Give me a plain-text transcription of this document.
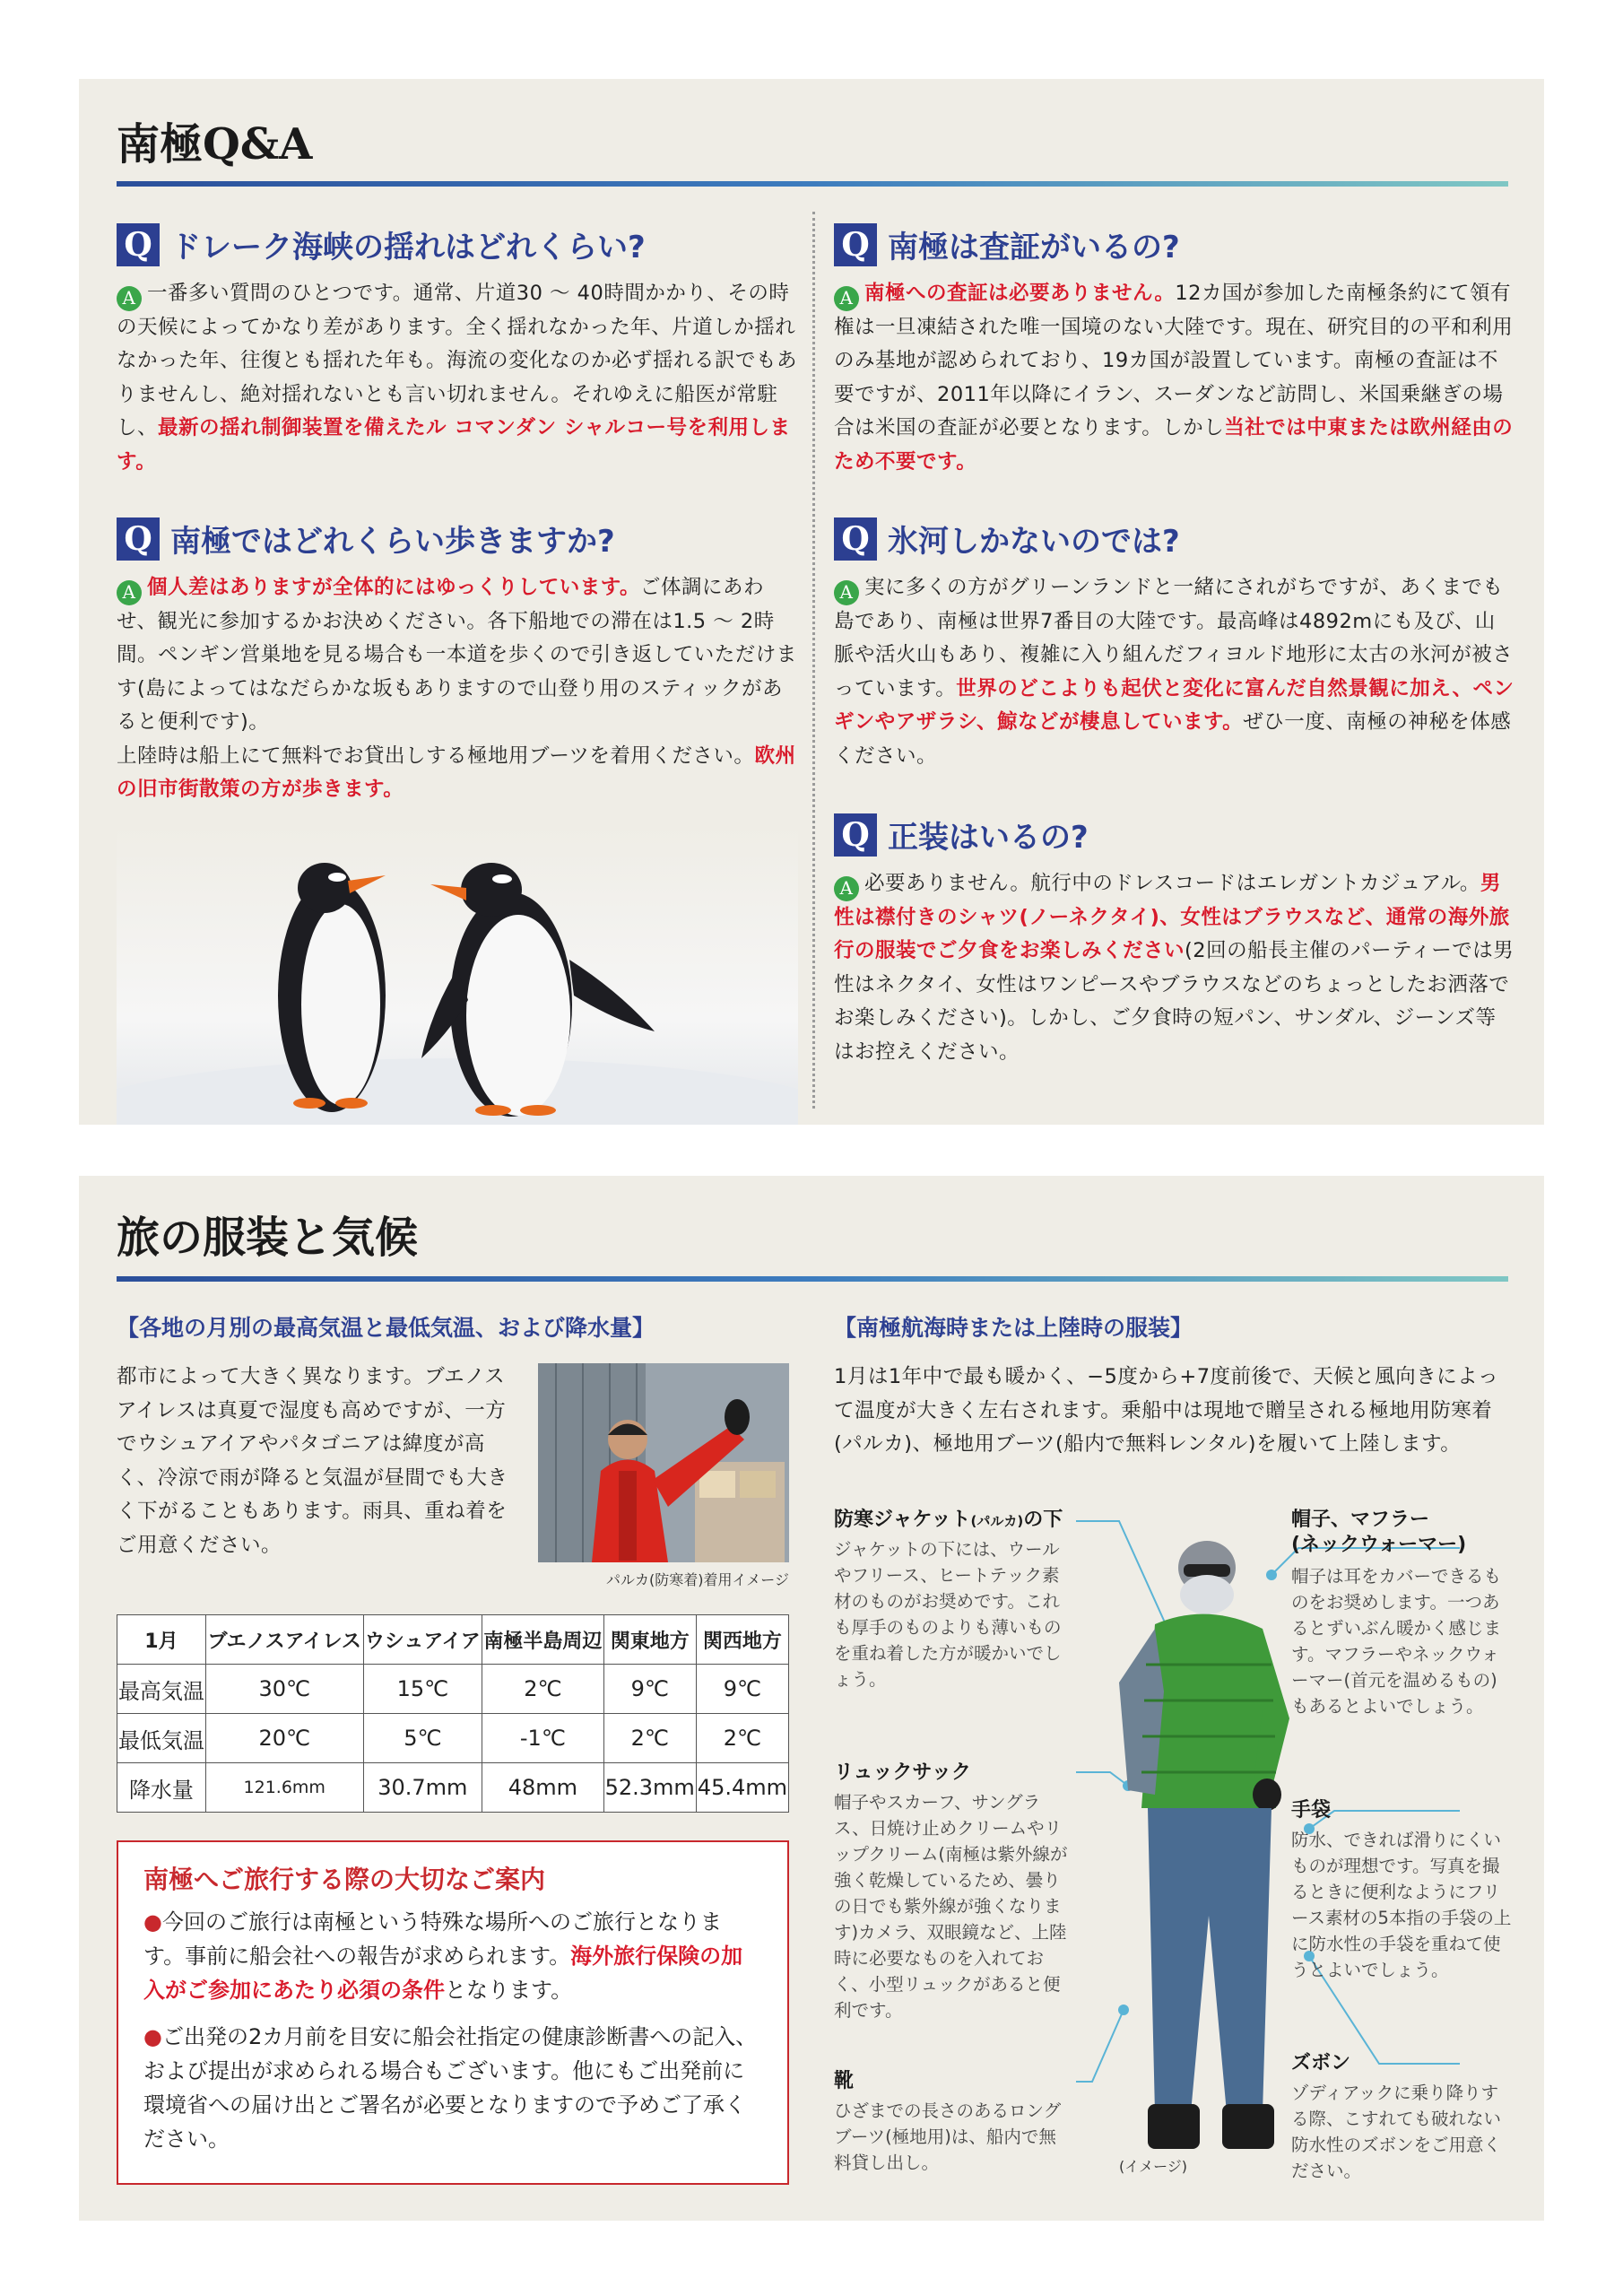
南極Q&A
Q ドレーク海峡の揺れはどれくらい?

A 一番多い質問のひとつです。通常、片道30 ～ 40時間かかり、その時の天候によってかなり差があります。全く揺れなかった年、片道しか揺れなかった年、往復とも揺れた年も。海流の変化なのか必ず揺れる訳でもありませんし、絶対揺れないとも言い切れません。それゆえに船医が常駐し、最新の揺れ制御装置を備えたル コマンダン シャルコー号を利用します。

Q 南極ではどれくらい歩きますか?

A 個人差はありますが全体的にはゆっくりしています。ご体調にあわせ、観光に参加するかお決めください。各下船地での滞在は1.5 ～ 2時間。ペンギン営巣地を見る場合も一本道を歩くので引き返していただけます(島によってはなだらかな坂もありますので山登り用のスティックがあると便利です)。

上陸時は船上にて無料でお貸出しする極地用ブーツを着用ください。欧州の旧市街散策の方が歩きます。

Q 南極は査証がいるの?

A 南極への査証は必要ありません。12カ国が参加した南極条約にて領有権は一旦凍結された唯一国境のない大陸です。現在、研究目的の平和利用のみ基地が認められており、19カ国が設置しています。南極の査証は不要ですが、2011年以降にイラン、スーダンなど訪問し、米国乗継ぎの場合は米国の査証が必要となります。しかし当社では中東または欧州経由のため不要です。

Q 氷河しかないのでは?

A 実に多くの方がグリーンランドと一緒にされがちですが、あくまでも島であり、南極は世界7番目の大陸です。最高峰は4892mにも及び、山脈や活火山もあり、複雑に入り組んだフィヨルド地形に太古の氷河が被さっています。世界のどこよりも起伏と変化に富んだ自然景観に加え、ペンギンやアザラシ、鯨などが棲息しています。ぜひ一度、南極の神秘を体感ください。

Q 正装はいるの?

A 必要ありません。航行中のドレスコードはエレガントカジュアル。男性は襟付きのシャツ(ノーネクタイ)、女性はブラウスなど、通常の海外旅行の服装でご夕食をお楽しみください(2回の船長主催のパーティーでは男性はネクタイ、女性はワンピースやブラウスなどのちょっとしたお洒落でお楽しみください)。しかし、ご夕食時の短パン、サンダル、ジーンズ等はお控えください。

旅の服装と気候
【各地の月別の最高気温と最低気温、および降水量】
都市によって大きく異なります。ブエノスアイレスは真夏で湿度も高めですが、一方でウシュアイアやパタゴニアは緯度が高く、冷涼で雨が降ると気温が昼間でも大きく下がることもあります。雨具、重ね着をご用意ください。
パルカ(防寒着)着用イメージ
1月	ブエノスアイレス	ウシュアイア	南極半島周辺	関東地方	関西地方
最高気温	30℃	15℃	2℃	9℃	9℃
最低気温	20℃	5℃	-1℃	2℃	2℃
降水量	121.6mm	30.7mm	48mm	52.3mm	45.4mm
南極へご旅行する際の大切なご案内

●今回のご旅行は南極という特殊な場所へのご旅行となります。事前に船会社への報告が求められます。海外旅行保険の加入がご参加にあたり必須の条件となります。

●ご出発の2カ月前を目安に船会社指定の健康診断書への記入、および提出が求められる場合もございます。他にもご出発前に環境省への届け出とご署名が必要となりますので予めご了承ください。

【南極航海時または上陸時の服装】
1月は1年中で最も暖かく、−5度から+7度前後で、天候と風向きによって温度が大きく左右されます。乗船中は現地で贈呈される極地用防寒着(パルカ)、極地用ブーツ(船内で無料レンタル)を履いて上陸します。
(イメージ)
防寒ジャケット(パルカ)の下
ジャケットの下には、ウールやフリース、ヒートテック素材のものがお奨めです。これも厚手のものよりも薄いものを重ね着した方が暖かいでしょう。
リュックサック
帽子やスカーフ、サングラス、日焼け止めクリームやリップクリーム(南極は紫外線が強く乾燥しているため、曇りの日でも紫外線が強くなります)カメラ、双眼鏡など、上陸時に必要なものを入れておく、小型リュックがあると便利です。
靴
ひざまでの長さのあるロングブーツ(極地用)は、船内で無料貸し出し。
帽子、マフラー
(ネックウォーマー)
帽子は耳をカバーできるものをお奨めします。一つあるとずいぶん暖かく感じます。マフラーやネックウォーマー(首元を温めるもの)もあるとよいでしょう。
手袋
防水、できれば滑りにくいものが理想です。写真を撮るときに便利なようにフリース素材の5本指の手袋の上に防水性の手袋を重ねて使うとよいでしょう。
ズボン
ゾディアックに乗り降りする際、こすれても破れない防水性のズボンをご用意ください。
